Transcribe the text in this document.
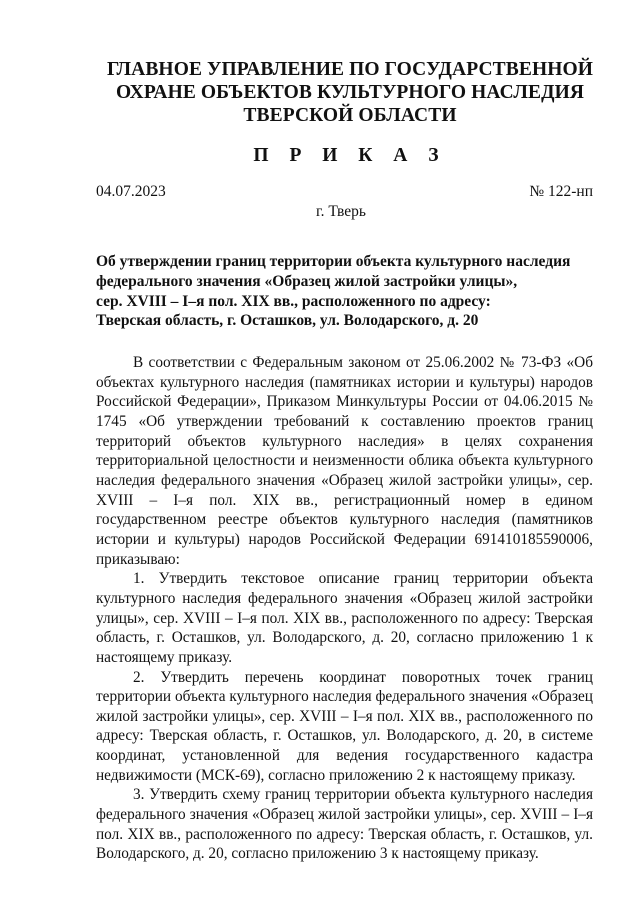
ГЛАВНОЕ УПРАВЛЕНИЕ ПО ГОСУДАРСТВЕННОЙ
ОХРАНЕ ОБЪЕКТОВ КУЛЬТУРНОГО НАСЛЕДИЯ
ТВЕРСКОЙ ОБЛАСТИ
П Р И К А З
04.07.2023	№ 122-нп
г. Тверь
Об утверждении границ территории объекта культурного наследия
федерального значения «Образец жилой застройки улицы»,
сер. XVIII – I–я пол. XIX вв., расположенного по адресу:
Тверская область, г. Осташков, ул. Володарского, д. 20

В соответствии с Федеральным законом от 25.06.2002 № 73-ФЗ «Об объектах культурного наследия (памятниках истории и культуры) народов Российской Федерации», Приказом Минкультуры России от 04.06.2015 № 1745 «Об утверждении требований к составлению проектов границ территорий объектов культурного наследия» в целях сохранения территориальной целостности и неизменности облика объекта культурного наследия федерального значения «Образец жилой застройки улицы», сер. XVIII – I–я пол. XIX вв., регистрационный номер в едином государственном реестре объектов культурного наследия (памятников истории и культуры) народов Российской Федерации 691410185590006, приказываю:

1. Утвердить текстовое описание границ территории объекта культурного наследия федерального значения «Образец жилой застройки улицы», сер. XVIII – I–я пол. XIX вв., расположенного по адресу: Тверская область, г. Осташков, ул. Володарского, д. 20, согласно приложению 1 к настоящему приказу.

2. Утвердить перечень координат поворотных точек границ территории объекта культурного наследия федерального значения «Образец жилой застройки улицы», сер. XVIII – I–я пол. XIX вв., расположенного по адресу: Тверская область, г. Осташков, ул. Володарского, д. 20, в системе координат, установленной для ведения государственного кадастра недвижимости (МСК-69), согласно приложению 2 к настоящему приказу.

3. Утвердить схему границ территории объекта культурного наследия федерального значения «Образец жилой застройки улицы», сер. XVIII – I–я пол. XIX вв., расположенного по адресу: Тверская область, г. Осташков, ул. Володарского, д. 20, согласно приложению 3 к настоящему приказу.
